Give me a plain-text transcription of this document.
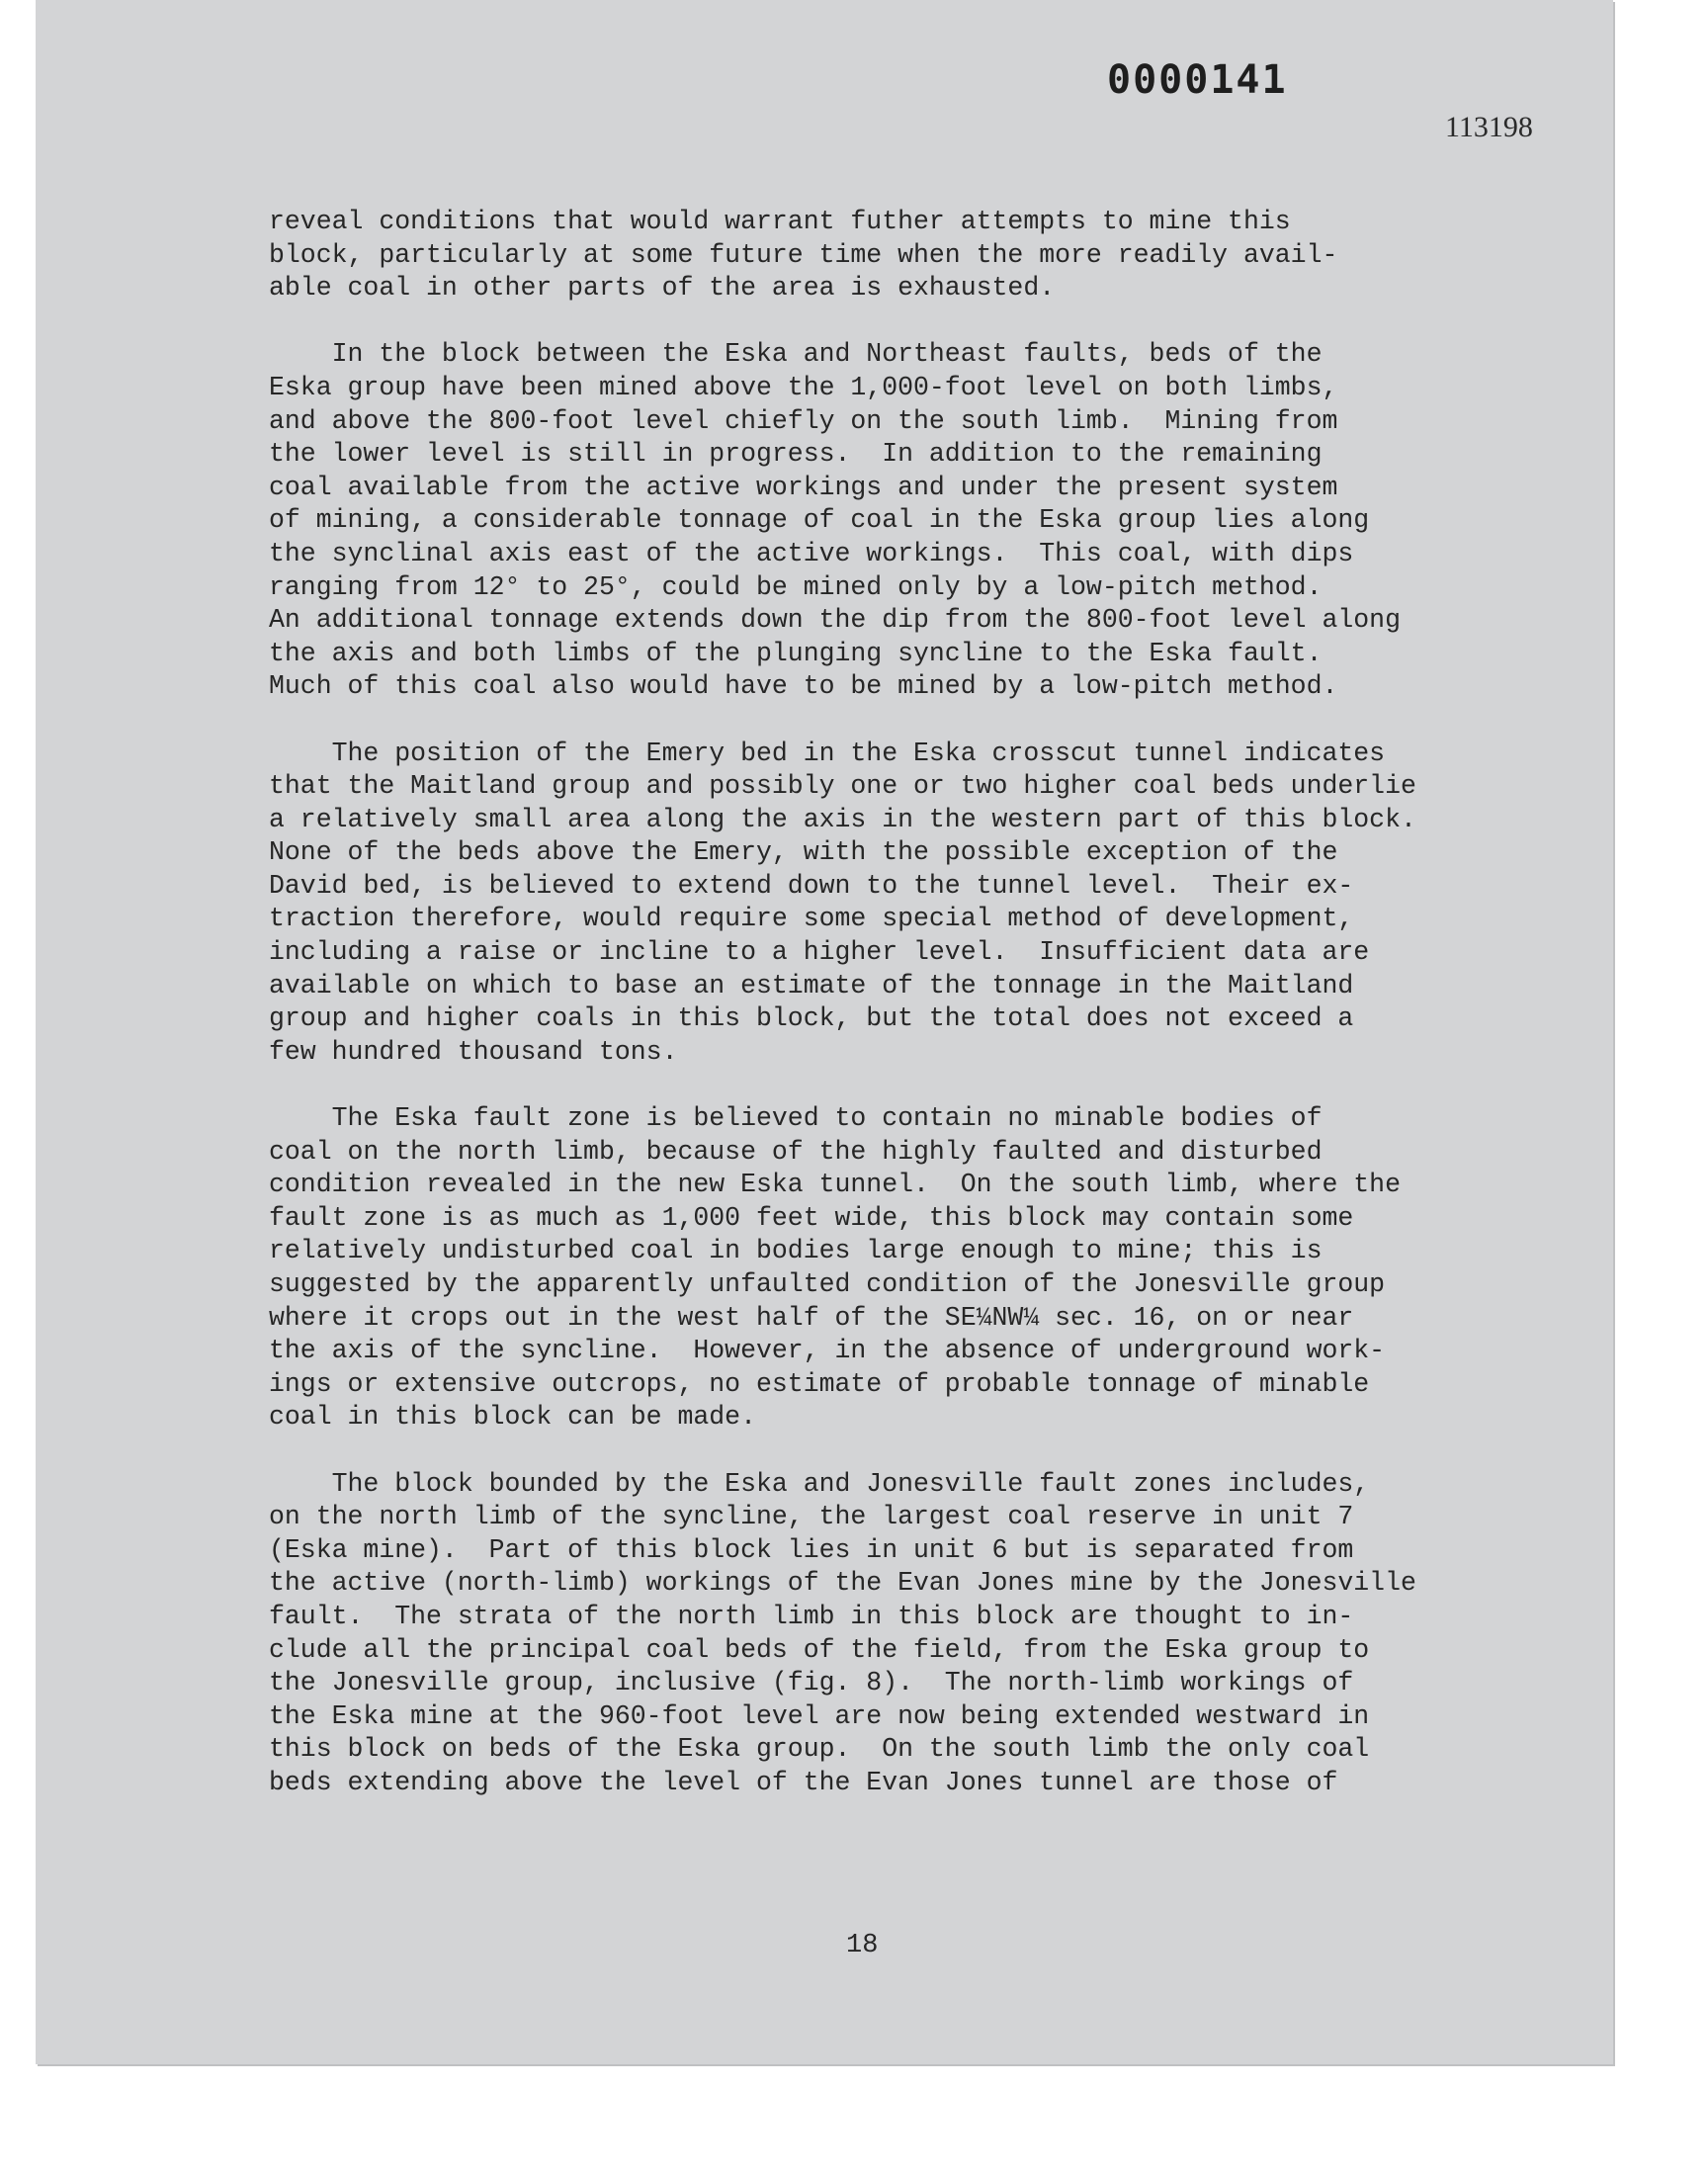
0000141
113198
18
reveal conditions that would warrant futher attempts to mine this
block, particularly at some future time when the more readily avail-
able coal in other parts of the area is exhausted.
In the block between the Eska and Northeast faults, beds of the
Eska group have been mined above the 1,000-foot level on both limbs,
and above the 800-foot level chiefly on the south limb.  Mining from
the lower level is still in progress.  In addition to the remaining
coal available from the active workings and under the present system
of mining, a considerable tonnage of coal in the Eska group lies along
the synclinal axis east of the active workings.  This coal, with dips
ranging from 12° to 25°, could be mined only by a low-pitch method.
An additional tonnage extends down the dip from the 800-foot level along
the axis and both limbs of the plunging syncline to the Eska fault.
Much of this coal also would have to be mined by a low-pitch method.
The position of the Emery bed in the Eska crosscut tunnel indicates
that the Maitland group and possibly one or two higher coal beds underlie
a relatively small area along the axis in the western part of this block.
None of the beds above the Emery, with the possible exception of the
David bed, is believed to extend down to the tunnel level.  Their ex-
traction therefore, would require some special method of development,
including a raise or incline to a higher level.  Insufficient data are
available on which to base an estimate of the tonnage in the Maitland
group and higher coals in this block, but the total does not exceed a
few hundred thousand tons.
The Eska fault zone is believed to contain no minable bodies of
coal on the north limb, because of the highly faulted and disturbed
condition revealed in the new Eska tunnel.  On the south limb, where the
fault zone is as much as 1,000 feet wide, this block may contain some
relatively undisturbed coal in bodies large enough to mine; this is
suggested by the apparently unfaulted condition of the Jonesville group
where it crops out in the west half of the SE¼NW¼ sec. 16, on or near
the axis of the syncline.  However, in the absence of underground work-
ings or extensive outcrops, no estimate of probable tonnage of minable
coal in this block can be made.
The block bounded by the Eska and Jonesville fault zones includes,
on the north limb of the syncline, the largest coal reserve in unit 7
(Eska mine).  Part of this block lies in unit 6 but is separated from
the active (north-limb) workings of the Evan Jones mine by the Jonesville
fault.  The strata of the north limb in this block are thought to in-
clude all the principal coal beds of the field, from the Eska group to
the Jonesville group, inclusive (fig. 8).  The north-limb workings of
the Eska mine at the 960-foot level are now being extended westward in
this block on beds of the Eska group.  On the south limb the only coal
beds extending above the level of the Evan Jones tunnel are those of
